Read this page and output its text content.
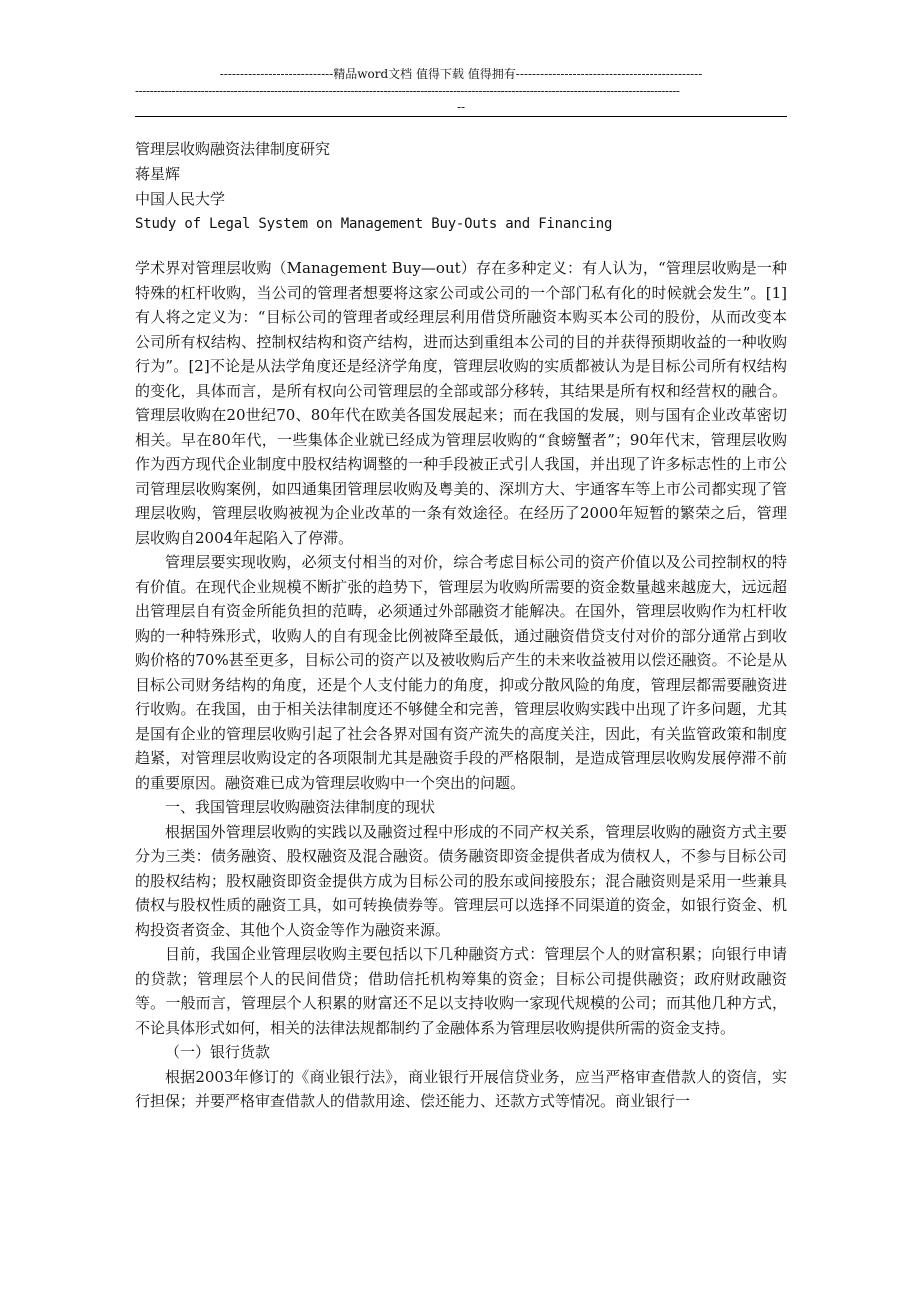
----------------------------精品word文档 值得下载 值得拥有----------------------------------------------
-----------------------------------------------------------------------------------------------------------------------------------------------------
--
管理层收购融资法律制度研究
蒋星辉
中国人民大学
Study of Legal System on Management Buy-Outs and Financing

学术界对管理层收购（Management Buy—out）存在多种定义：有人认为，“管理层收购是一种特殊的杠杆收购，当公司的管理者想要将这家公司或公司的一个部门私有化的时候就会发生”。[1]有人将之定义为：“目标公司的管理者或经理层利用借贷所融资本购买本公司的股份，从而改变本公司所有权结构、控制权结构和资产结构，进而达到重组本公司的目的并获得预期收益的一种收购行为”。[2]不论是从法学角度还是经济学角度，管理层收购的实质都被认为是目标公司所有权结构的变化，具体而言，是所有权向公司管理层的全部或部分移转，其结果是所有权和经营权的融合。管理层收购在20世纪70、80年代在欧美各国发展起来；而在我国的发展，则与国有企业改革密切相关。早在80年代，一些集体企业就已经成为管理层收购的“食螃蟹者”；90年代末，管理层收购作为西方现代企业制度中股权结构调整的一种手段被正式引人我国，并出现了许多标志性的上市公司管理层收购案例，如四通集团管理层收购及粤美的、深圳方大、宇通客车等上市公司都实现了管理层收购，管理层收购被视为企业改革的一条有效途径。在经历了2000年短暂的繁荣之后，管理层收购自2004年起陷入了停滞。

管理层要实现收购，必须支付相当的对价，综合考虑目标公司的资产价值以及公司控制权的特有价值。在现代企业规模不断扩张的趋势下，管理层为收购所需要的资金数量越来越庞大，远远超出管理层自有资金所能负担的范畴，必须通过外部融资才能解决。在国外，管理层收购作为杠杆收购的一种特殊形式，收购人的自有现金比例被降至最低，通过融资借贷支付对价的部分通常占到收购价格的70%甚至更多，目标公司的资产以及被收购后产生的未来收益被用以偿还融资。不论是从目标公司财务结构的角度，还是个人支付能力的角度，抑或分散风险的角度，管理层都需要融资进行收购。在我国，由于相关法律制度还不够健全和完善，管理层收购实践中出现了许多问题，尤其是国有企业的管理层收购引起了社会各界对国有资产流失的高度关注，因此，有关监管政策和制度趋紧，对管理层收购设定的各项限制尤其是融资手段的严格限制，是造成管理层收购发展停滞不前的重要原因。融资难已成为管理层收购中一个突出的问题。

一、我国管理层收购融资法律制度的现状

根据国外管理层收购的实践以及融资过程中形成的不同产权关系，管理层收购的融资方式主要分为三类：债务融资、股权融资及混合融资。债务融资即资金提供者成为债权人，不参与目标公司的股权结构；股权融资即资金提供方成为目标公司的股东或间接股东；混合融资则是采用一些兼具债权与股权性质的融资工具，如可转换债券等。管理层可以选择不同渠道的资金，如银行资金、机构投资者资金、其他个人资金等作为融资来源。

目前，我国企业管理层收购主要包括以下几种融资方式：管理层个人的财富积累；向银行申请的贷款；管理层个人的民间借贷；借助信托机构筹集的资金；目标公司提供融资；政府财政融资等。一般而言，管理层个人积累的财富还不足以支持收购一家现代规模的公司；而其他几种方式，不论具体形式如何，相关的法律法规都制约了金融体系为管理层收购提供所需的资金支持。

（一）银行货款

根据2003年修订的《商业银行法》，商业银行开展信贷业务，应当严格审查借款人的资信，实行担保；并要严格审查借款人的借款用途、偿还能力、还款方式等情况。商业银行一
